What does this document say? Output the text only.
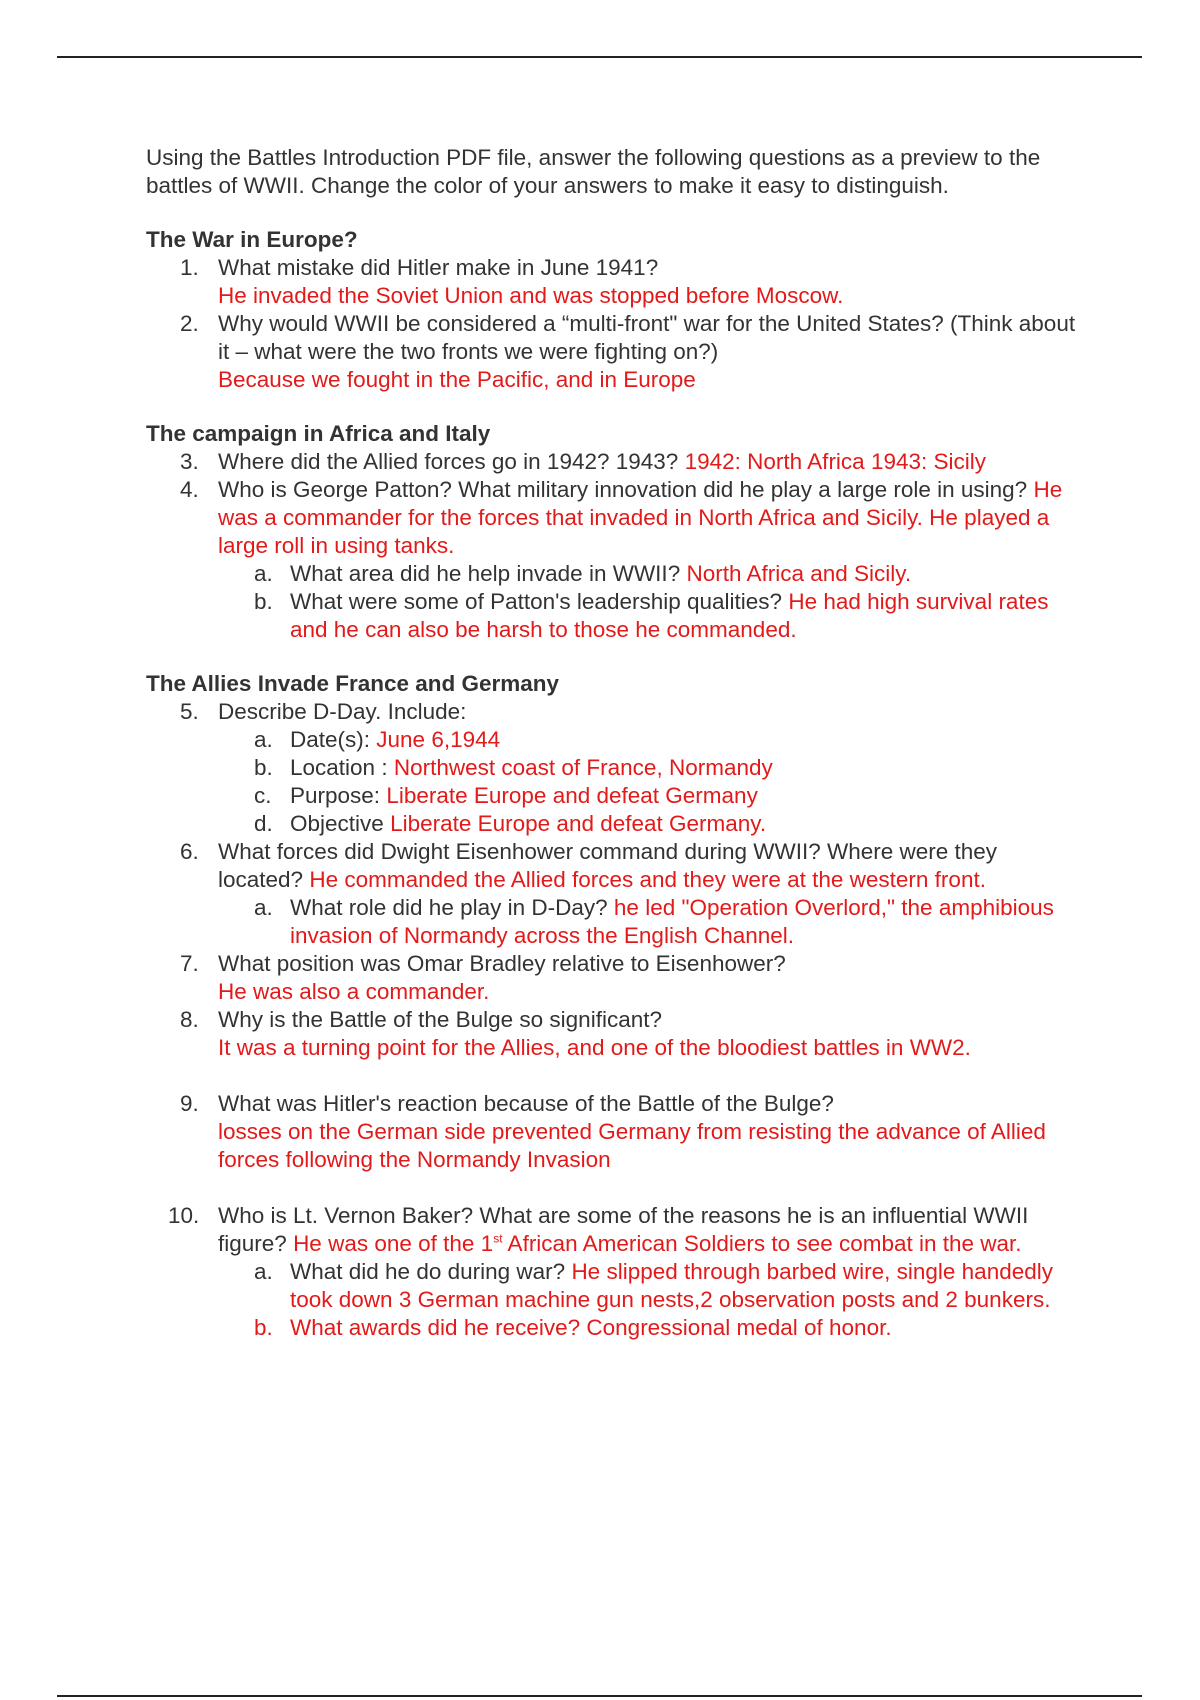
Using the Battles Introduction PDF file, answer the following questions as a preview to the battles of WWII. Change the color of your answers to make it easy to distinguish.

The War in Europe?
1. What mistake did Hitler make in June 1941?
He invaded the Soviet Union and was stopped before Moscow.
2. Why would WWII be considered a “multi-front" war for the United States? (Think about it – what were the two fronts we were fighting on?)
Because we fought in the Pacific, and in Europe
The campaign in Africa and Italy
3. Where did the Allied forces go in 1942? 1943? 1942: North Africa 1943: Sicily
4. Who is George Patton? What military innovation did he play a large role in using? He was a commander for the forces that invaded in North Africa and Sicily. He played a large roll in using tanks.
a. What area did he help invade in WWII? North Africa and Sicily.
b. What were some of Patton's leadership qualities? He had high survival rates and he can also be harsh to those he commanded.
The Allies Invade France and Germany
5. Describe D-Day. Include:
a. Date(s): June 6,1944
b. Location : Northwest coast of France, Normandy
c. Purpose: Liberate Europe and defeat Germany
d. Objective Liberate Europe and defeat Germany.
6. What forces did Dwight Eisenhower command during WWII? Where were they located? He commanded the Allied forces and they were at the western front.
a. What role did he play in D-Day? he led "Operation Overlord," the amphibious invasion of Normandy across the English Channel.
7. What position was Omar Bradley relative to Eisenhower?
He was also a commander.
8. Why is the Battle of the Bulge so significant?
It was a turning point for the Allies, and one of the bloodiest battles in WW2.
9. What was Hitler's reaction because of the Battle of the Bulge?
losses on the German side prevented Germany from resisting the advance of Allied forces following the Normandy Invasion
10. Who is Lt. Vernon Baker? What are some of the reasons he is an influential WWII figure? He was one of the 1st African American Soldiers to see combat in the war.
a. What did he do during war? He slipped through barbed wire, single handedly took down 3 German machine gun nests,2 observation posts and 2 bunkers.
b. What awards did he receive? Congressional medal of honor.
